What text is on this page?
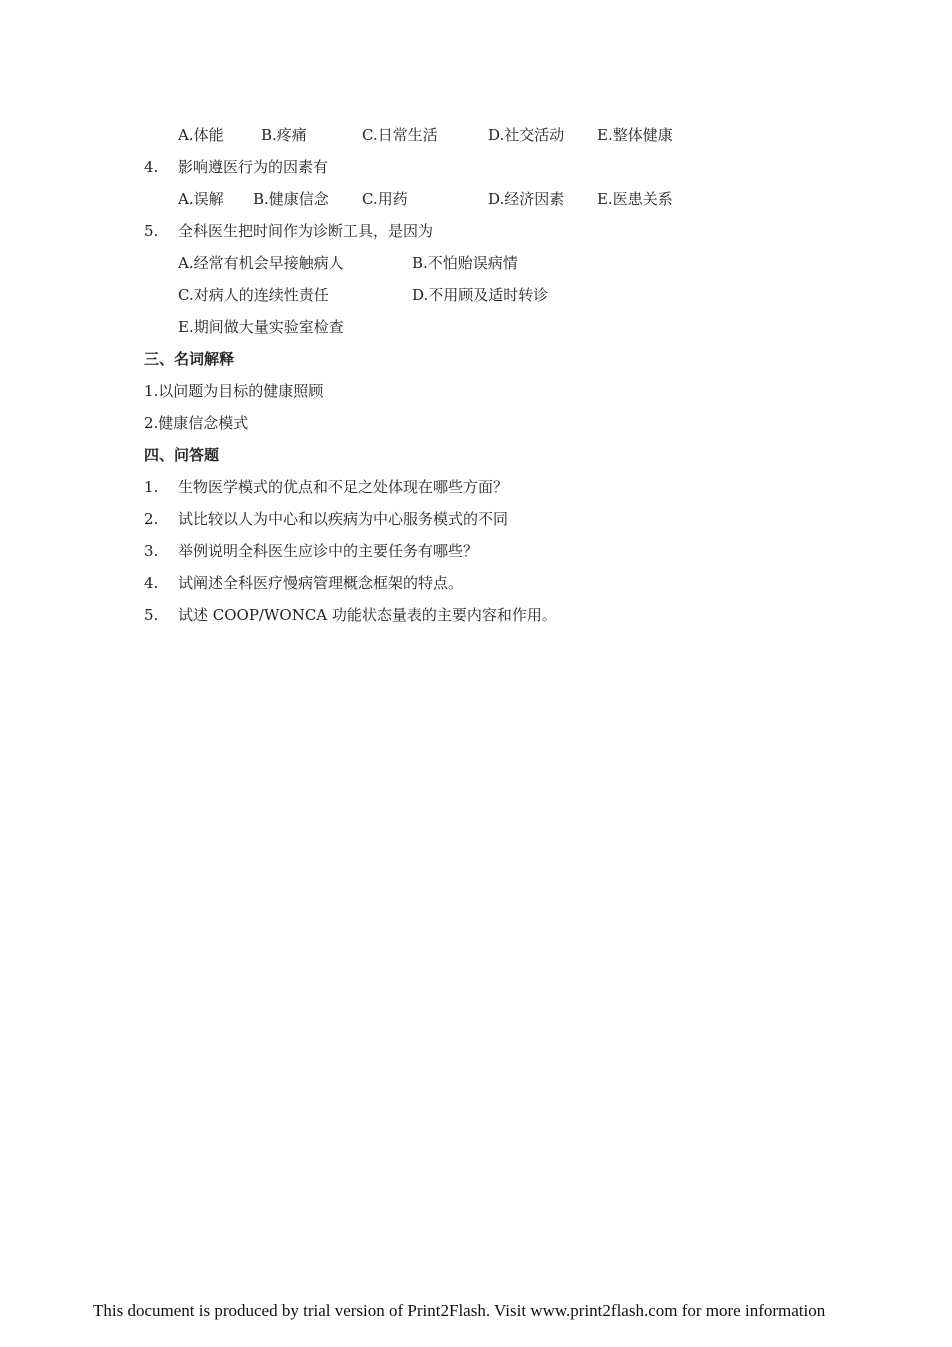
A.体能 B.疼痛	C.日常生活	D.社交活动 E.整体健康
4. 影响遵医行为的因素有
A.误解 B.健康信念 C.用药	D.经济因素 E.医患关系
5. 全科医生把时间作为诊断工具，是因为
A.经常有机会早接触病人	B.不怕贻误病情
C.对病人的连续性责任	D.不用顾及适时转诊
E.期间做大量实验室检查
三、名词解释
1.以问题为目标的健康照顾
2.健康信念模式
四、问答题
1. 生物医学模式的优点和不足之处体现在哪些方面？
2. 试比较以人为中心和以疾病为中心服务模式的不同
3. 举例说明全科医生应诊中的主要任务有哪些？
4. 试阐述全科医疗慢病管理概念框架的特点。
5. 试述 COOP/WONCA 功能状态量表的主要内容和作用。
This document is produced by trial version of Print2Flash. Visit www.print2flash.com for more information
